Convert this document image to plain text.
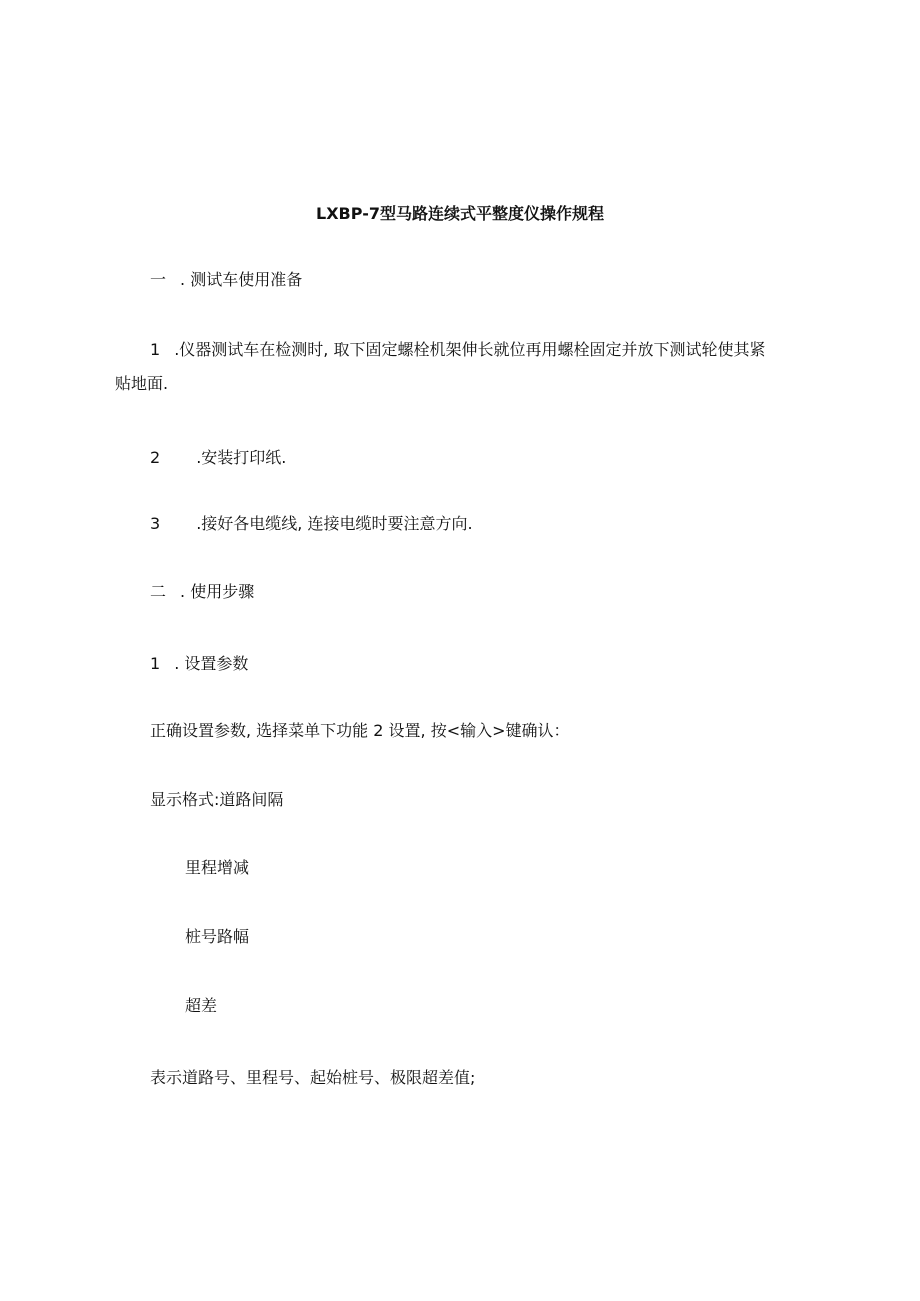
LXBP-7型马路连续式平整度仪操作规程
一 . 测试车使用准备
1 .仪器测试车在检测时, 取下固定螺栓机架伸长就位再用螺栓固定并放下测试轮使其紧
贴地面.
2 .安装打印纸.
3 .接好各电缆线, 连接电缆时要注意方向.
二 . 使用步骤
1 . 设置参数
正确设置参数, 选择菜单下功能 2 设置, 按<输入>键确认：
显示格式:道路间隔
里程增减
桩号路幅
超差
表示道路号、里程号、起始桩号、极限超差值;
